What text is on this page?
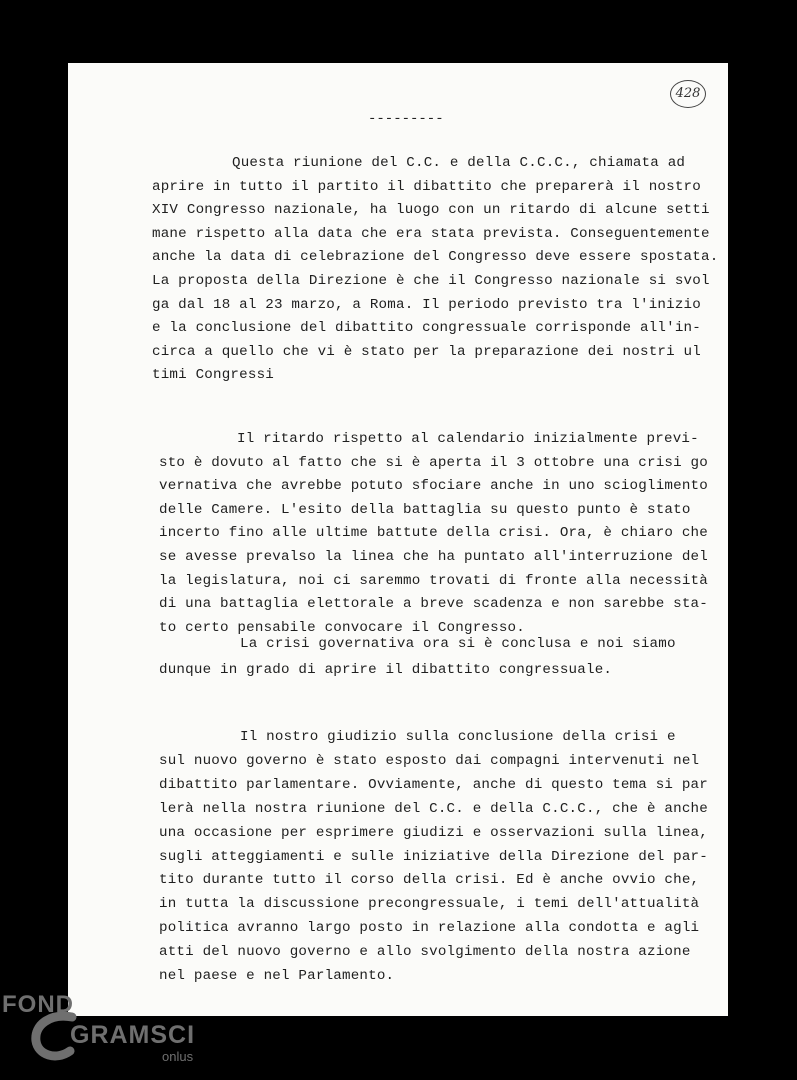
428
---------
Questa riunione del C.C. e della C.C.C., chiamata ad
aprire in tutto il partito il dibattito che preparerà il nostro
XIV Congresso nazionale, ha luogo con un ritardo di alcune setti
mane rispetto alla data che era stata prevista. Conseguentemente
anche la data di celebrazione del Congresso deve essere spostata.
La proposta della Direzione è che il Congresso nazionale si svol
ga dal 18 al 23 marzo, a Roma. Il periodo previsto tra l'inizio
e la conclusione del dibattito congressuale corrisponde all'in-
circa a quello che vi è stato per la preparazione dei nostri ul
timi Congressi
Il ritardo rispetto al calendario inizialmente previ-
sto è dovuto al fatto che si è aperta il 3 ottobre una crisi go
vernativa che avrebbe potuto sfociare anche in uno scioglimento
delle Camere. L'esito della battaglia su questo punto è stato
incerto fino alle ultime battute della crisi. Ora, è chiaro che
se avesse prevalso la linea che ha puntato all'interruzione del
la legislatura, noi ci saremmo trovati di fronte alla necessità
di una battaglia elettorale a breve scadenza e non sarebbe sta-
to certo pensabile convocare il Congresso.
La crisi governativa ora si è conclusa e noi siamo
dunque in grado di aprire il dibattito congressuale.
Il nostro giudizio sulla conclusione della crisi e
sul nuovo governo è stato esposto dai compagni intervenuti nel
dibattito parlamentare. Ovviamente, anche di questo tema si par
lerà nella nostra riunione del C.C. e della C.C.C., che è anche
una occasione per esprimere giudizi e osservazioni sulla linea,
sugli atteggiamenti e sulle iniziative della Direzione del par-
tito durante tutto il corso della crisi. Ed è anche ovvio che,
in tutta la discussione precongressuale, i temi dell'attualità
politica avranno largo posto in relazione alla condotta e agli
atti del nuovo governo e allo svolgimento della nostra azione
nel paese e nel Parlamento.
FOND
GRAMSCI
onlus
